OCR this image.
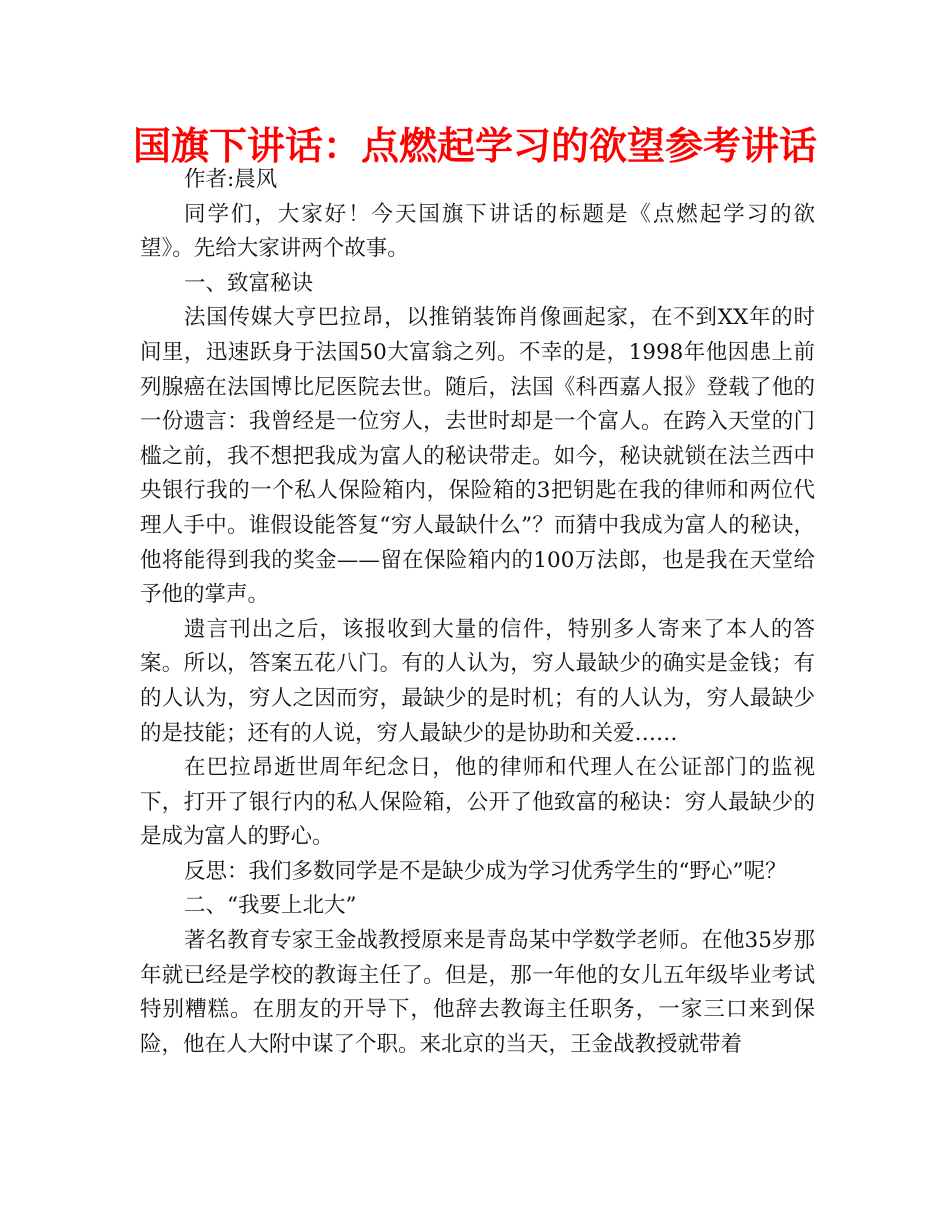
国旗下讲话：点燃起学习的欲望参考讲话

作者:晨风

同学们，大家好！今天国旗下讲话的标题是《点燃起学习的欲望》。先给大家讲两个故事。

一、致富秘诀

法国传媒大亨巴拉昂，以推销装饰肖像画起家，在不到XX年的时间里，迅速跃身于法国50大富翁之列。不幸的是，1998年他因患上前列腺癌在法国博比尼医院去世。随后，法国《科西嘉人报》登载了他的一份遗言：我曾经是一位穷人，去世时却是一个富人。在跨入天堂的门槛之前，我不想把我成为富人的秘诀带走。如今，秘诀就锁在法兰西中央银行我的一个私人保险箱内，保险箱的3把钥匙在我的律师和两位代理人手中。谁假设能答复“穷人最缺什么”？而猜中我成为富人的秘诀，他将能得到我的奖金——留在保险箱内的100万法郎，也是我在天堂给予他的掌声。

遗言刊出之后，该报收到大量的信件，特别多人寄来了本人的答案。所以，答案五花八门。有的人认为，穷人最缺少的确实是金钱；有的人认为，穷人之因而穷，最缺少的是时机；有的人认为，穷人最缺少的是技能；还有的人说，穷人最缺少的是协助和关爱……

在巴拉昂逝世周年纪念日，他的律师和代理人在公证部门的监视下，打开了银行内的私人保险箱，公开了他致富的秘诀：穷人最缺少的是成为富人的野心。

反思：我们多数同学是不是缺少成为学习优秀学生的“野心”呢？

二、“我要上北大”

著名教育专家王金战教授原来是青岛某中学数学老师。在他35岁那年就已经是学校的教诲主任了。但是，那一年他的女儿五年级毕业考试特别糟糕。在朋友的开导下，他辞去教诲主任职务，一家三口来到保险，他在人大附中谋了个职。来北京的当天，王金战教授就带着
